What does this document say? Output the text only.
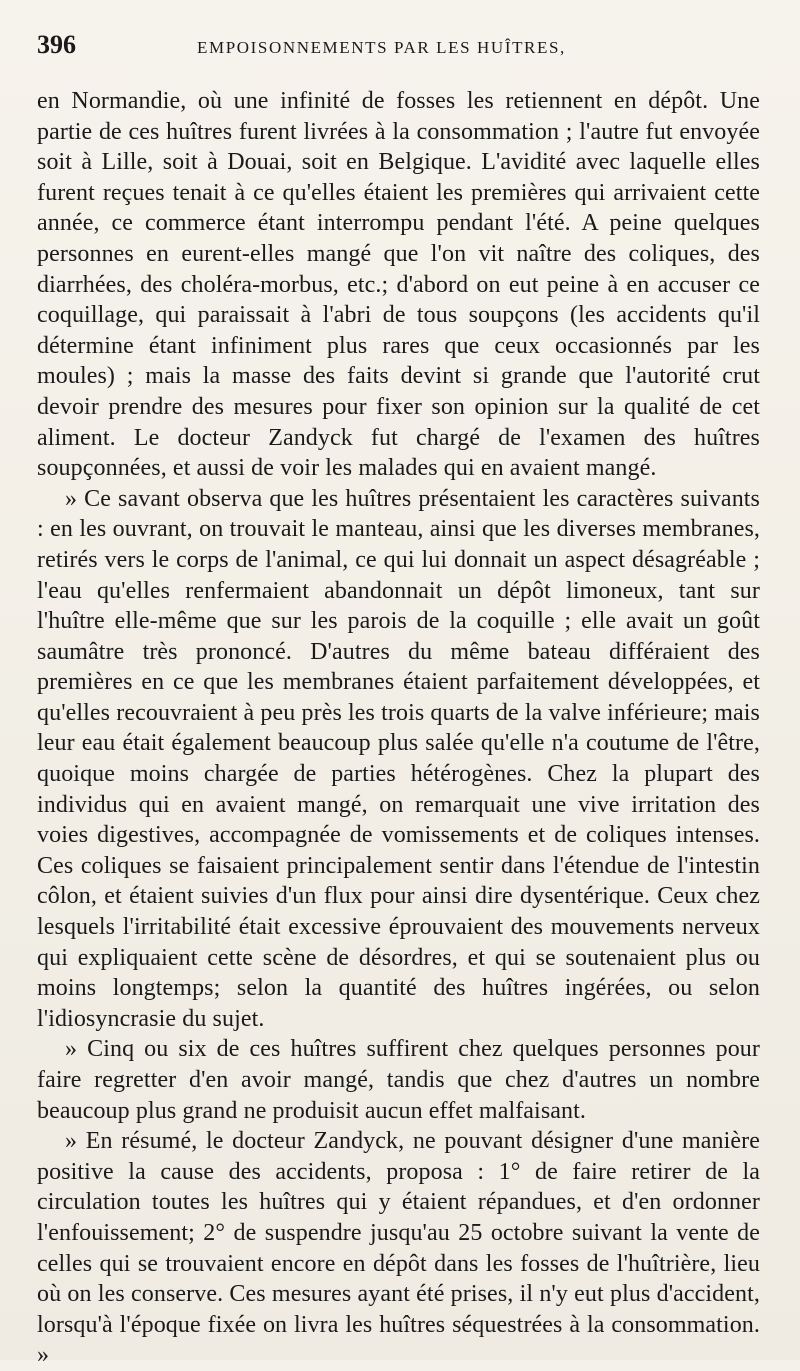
396	EMPOISONNEMENTS PAR LES HUÎTRES,

en Normandie, où une infinité de fosses les retiennent en dépôt. Une partie de ces huîtres furent livrées à la consommation ; l'autre fut envoyée soit à Lille, soit à Douai, soit en Belgique. L'avidité avec laquelle elles furent reçues tenait à ce qu'elles étaient les premières qui arrivaient cette année, ce commerce étant interrompu pendant l'été. A peine quelques personnes en eurent-elles mangé que l'on vit naître des coliques, des diarrhées, des choléra-morbus, etc.; d'abord on eut peine à en accuser ce coquillage, qui paraissait à l'abri de tous soupçons (les accidents qu'il détermine étant infiniment plus rares que ceux occasionnés par les moules) ; mais la masse des faits devint si grande que l'autorité crut devoir prendre des mesures pour fixer son opinion sur la qualité de cet aliment. Le docteur Zandyck fut chargé de l'examen des huîtres soupçonnées, et aussi de voir les malades qui en avaient mangé.

» Ce savant observa que les huîtres présentaient les caractères suivants : en les ouvrant, on trouvait le manteau, ainsi que les diverses membranes, retirés vers le corps de l'animal, ce qui lui donnait un aspect désagréable ; l'eau qu'elles renfermaient abandonnait un dépôt limoneux, tant sur l'huître elle-même que sur les parois de la coquille ; elle avait un goût saumâtre très prononcé. D'autres du même bateau différaient des premières en ce que les membranes étaient parfaitement développées, et qu'elles recouvraient à peu près les trois quarts de la valve inférieure; mais leur eau était également beaucoup plus salée qu'elle n'a coutume de l'être, quoique moins chargée de parties hétérogènes. Chez la plupart des individus qui en avaient mangé, on remarquait une vive irritation des voies digestives, accompagnée de vomissements et de coliques intenses. Ces coliques se faisaient principalement sentir dans l'étendue de l'intestin côlon, et étaient suivies d'un flux pour ainsi dire dysentérique. Ceux chez lesquels l'irritabilité était excessive éprouvaient des mouvements nerveux qui expliquaient cette scène de désordres, et qui se soutenaient plus ou moins longtemps; selon la quantité des huîtres ingérées, ou selon l'idiosyncrasie du sujet.

» Cinq ou six de ces huîtres suffirent chez quelques personnes pour faire regretter d'en avoir mangé, tandis que chez d'autres un nombre beaucoup plus grand ne produisit aucun effet malfaisant.

» En résumé, le docteur Zandyck, ne pouvant désigner d'une manière positive la cause des accidents, proposa : 1° de faire retirer de la circulation toutes les huîtres qui y étaient répandues, et d'en ordonner l'enfouissement; 2° de suspendre jusqu'au 25 octobre suivant la vente de celles qui se trouvaient encore en dépôt dans les fosses de l'huîtrière, lieu où on les conserve. Ces mesures ayant été prises, il n'y eut plus d'accident, lorsqu'à l'époque fixée on livra les huîtres séquestrées à la consommation. »
